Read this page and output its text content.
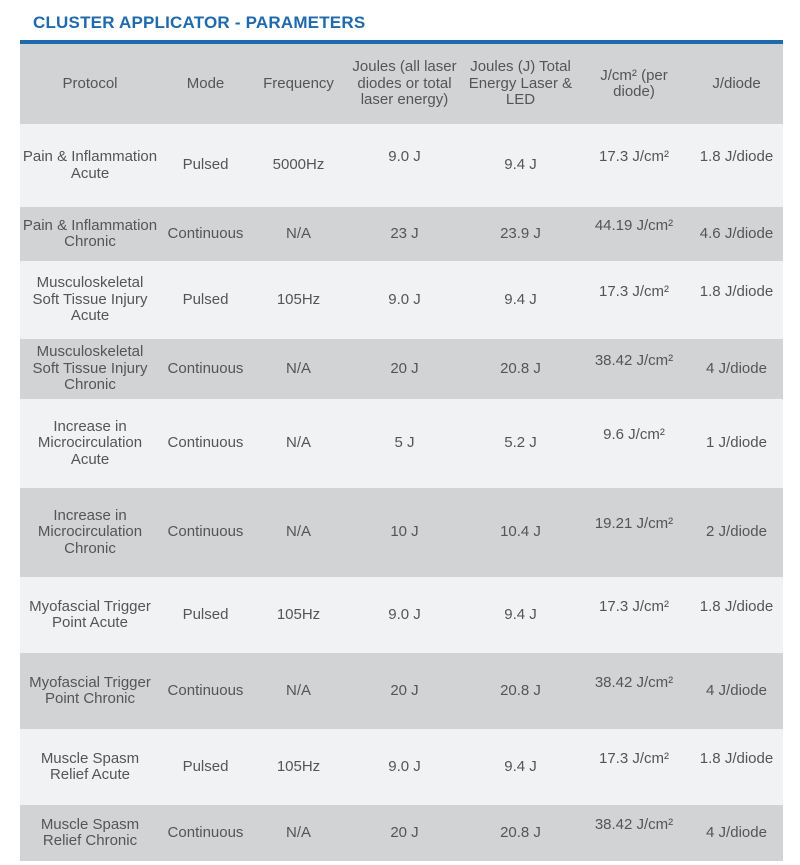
CLUSTER APPLICATOR - PARAMETERS
Protocol	Mode	Frequency	Joules (all laser diodes or total laser energy)	Joules (J) Total Energy Laser & LED	J/cm² (per diode)	J/diode
Pain & Inflammation Acute	Pulsed	5000Hz	9.0 J	9.4 J	17.3 J/cm²	1.8 J/diode
Pain & Inflammation Chronic	Continuous	N/A	23 J	23.9 J	44.19 J/cm²	4.6 J/diode
Musculoskeletal Soft Tissue Injury Acute	Pulsed	105Hz	9.0 J	9.4 J	17.3 J/cm²	1.8 J/diode
Musculoskeletal Soft Tissue Injury Chronic	Continuous	N/A	20 J	20.8 J	38.42 J/cm²	4 J/diode
Increase in Microcirculation Acute	Continuous	N/A	5 J	5.2 J	9.6 J/cm²	1 J/diode
Increase in Microcirculation Chronic	Continuous	N/A	10 J	10.4 J	19.21 J/cm²	2 J/diode
Myofascial Trigger Point Acute	Pulsed	105Hz	9.0 J	9.4 J	17.3 J/cm²	1.8 J/diode
Myofascial Trigger Point Chronic	Continuous	N/A	20 J	20.8 J	38.42 J/cm²	4 J/diode
Muscle Spasm Relief Acute	Pulsed	105Hz	9.0 J	9.4 J	17.3 J/cm²	1.8 J/diode
Muscle Spasm Relief Chronic	Continuous	N/A	20 J	20.8 J	38.42 J/cm²	4 J/diode
